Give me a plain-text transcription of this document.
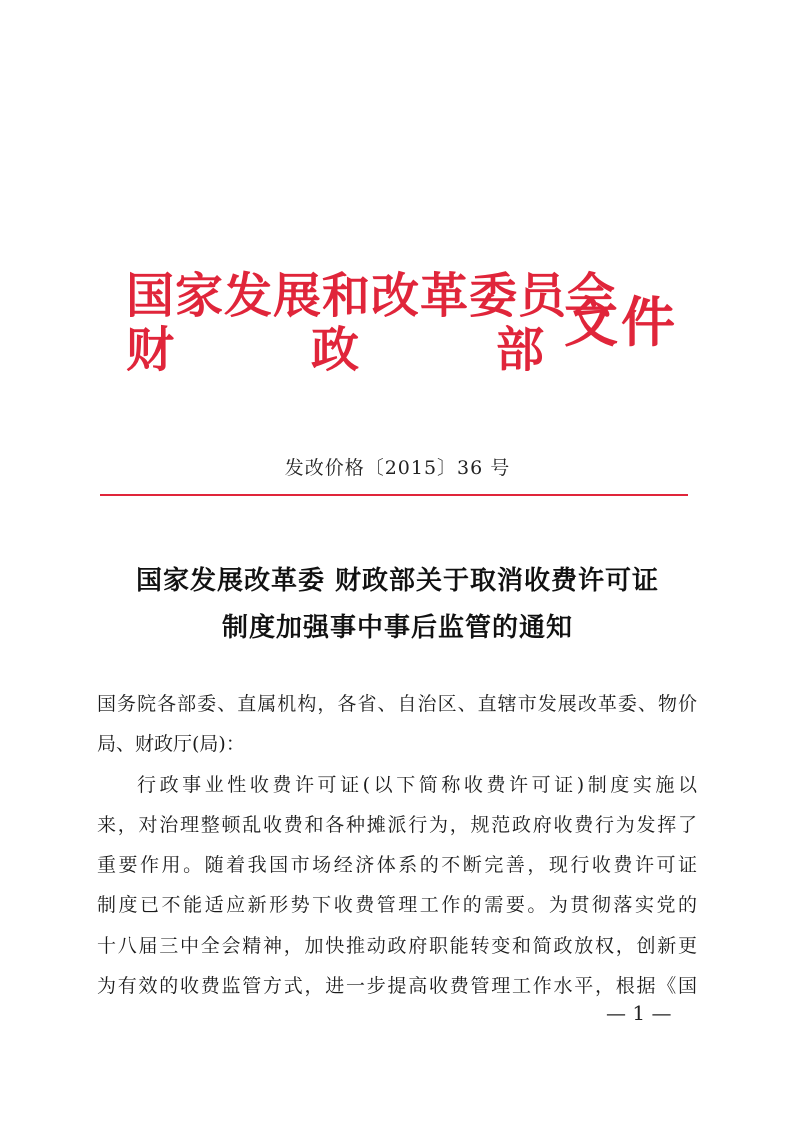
国家发展和改革委员会
财	政	部 文件
发改价格〔2015〕36 号
国家发展改革委 财政部关于取消收费许可证
制度加强事中事后监管的通知
国务院各部委、直属机构，各省、自治区、直辖市发展改革委、物价
局、财政厅(局)：
行政事业性收费许可证(以下简称收费许可证)制度实施以
来，对治理整顿乱收费和各种摊派行为，规范政府收费行为发挥了
重要作用。随着我国市场经济体系的不断完善，现行收费许可证
制度已不能适应新形势下收费管理工作的需要。为贯彻落实党的
十八届三中全会精神，加快推动政府职能转变和简政放权，创新更
为有效的收费监管方式，进一步提高收费管理工作水平，根据《国
— 1 —
